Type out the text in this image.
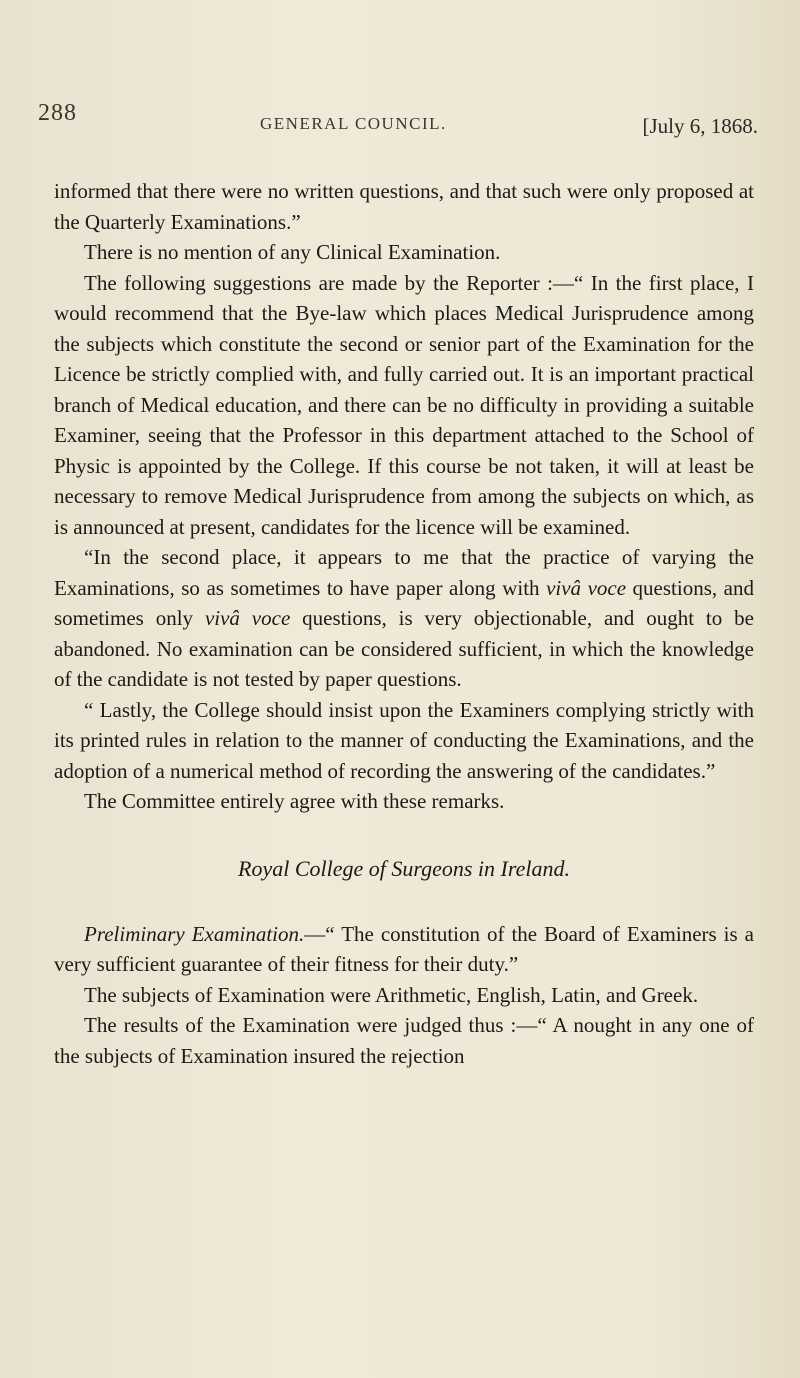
288	GENERAL COUNCIL.	[July 6, 1868.

informed that there were no written questions, and that such were only proposed at the Quarterly Examinations.”

There is no mention of any Clinical Examination.

The following suggestions are made by the Reporter :—“ In the first place, I would recommend that the Bye-law which places Medical Jurisprudence among the subjects which constitute the second or senior part of the Examination for the Licence be strictly complied with, and fully carried out. It is an important practical branch of Medical education, and there can be no difficulty in providing a suitable Examiner, seeing that the Professor in this department attached to the School of Physic is appointed by the College. If this course be not taken, it will at least be necessary to remove Medical Jurisprudence from among the subjects on which, as is announced at present, candidates for the licence will be examined.

“In the second place, it appears to me that the practice of varying the Examinations, so as sometimes to have paper along with vivâ voce questions, and sometimes only vivâ voce questions, is very objectionable, and ought to be abandoned. No examination can be considered sufficient, in which the knowledge of the candidate is not tested by paper questions.

“ Lastly, the College should insist upon the Examiners complying strictly with its printed rules in relation to the manner of conducting the Examinations, and the adoption of a numerical method of recording the answering of the candidates.”

The Committee entirely agree with these remarks.

Royal College of Surgeons in Ireland.

Preliminary Examination.—“ The constitution of the Board of Examiners is a very sufficient guarantee of their fitness for their duty.”

The subjects of Examination were Arithmetic, English, Latin, and Greek.

The results of the Examination were judged thus :—“ A nought in any one of the subjects of Examination insured the rejection
